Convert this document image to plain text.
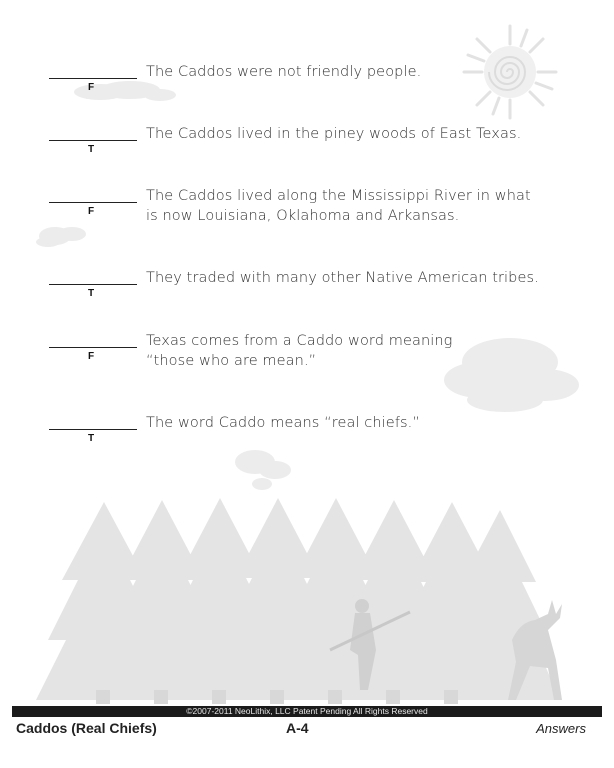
F
The Caddos were not friendly people.
T
The Caddos lived in the piney woods of East Texas.
F
The Caddos lived along the Mississippi River in what
is now Louisiana, Oklahoma and Arkansas.
T
They traded with many other Native American tribes.
F
Texas comes from a Caddo word meaning
“those who are mean.”
T
The word Caddo means “real chiefs.”
©2007-2011 NeoLithix, LLC Patent Pending All Rights Reserved
Caddos (Real Chiefs)	A-4	Answers
